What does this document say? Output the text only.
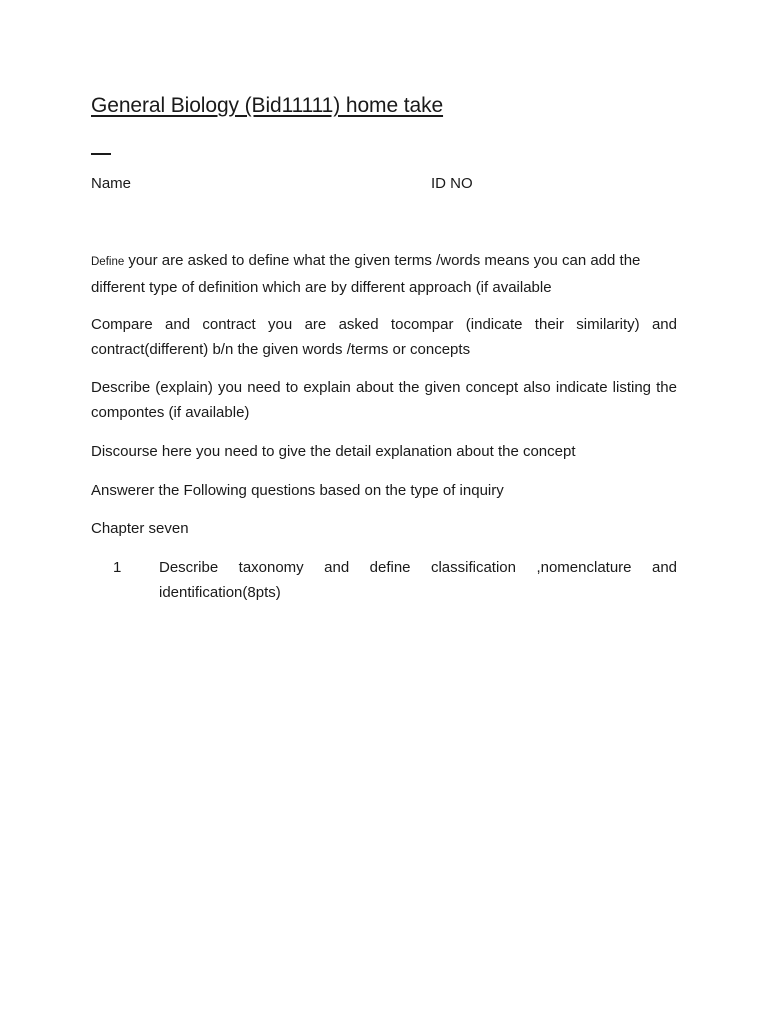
General Biology (Bid11111) home take
Name	ID NO
Define your are asked to define what the given terms /words means you can add the different type of definition which are by different approach (if available
Compare and contract you are asked tocompar (indicate their similarity) and contract(different) b/n the given words /terms or concepts
Describe (explain) you need to explain about the given concept also indicate listing the compontes (if available)
Discourse here you need to give the detail explanation about the concept
Answerer the Following questions based on the type of inquiry
Chapter seven
1	Describe taxonomy and define classification ,nomenclature and
identification(8pts)
